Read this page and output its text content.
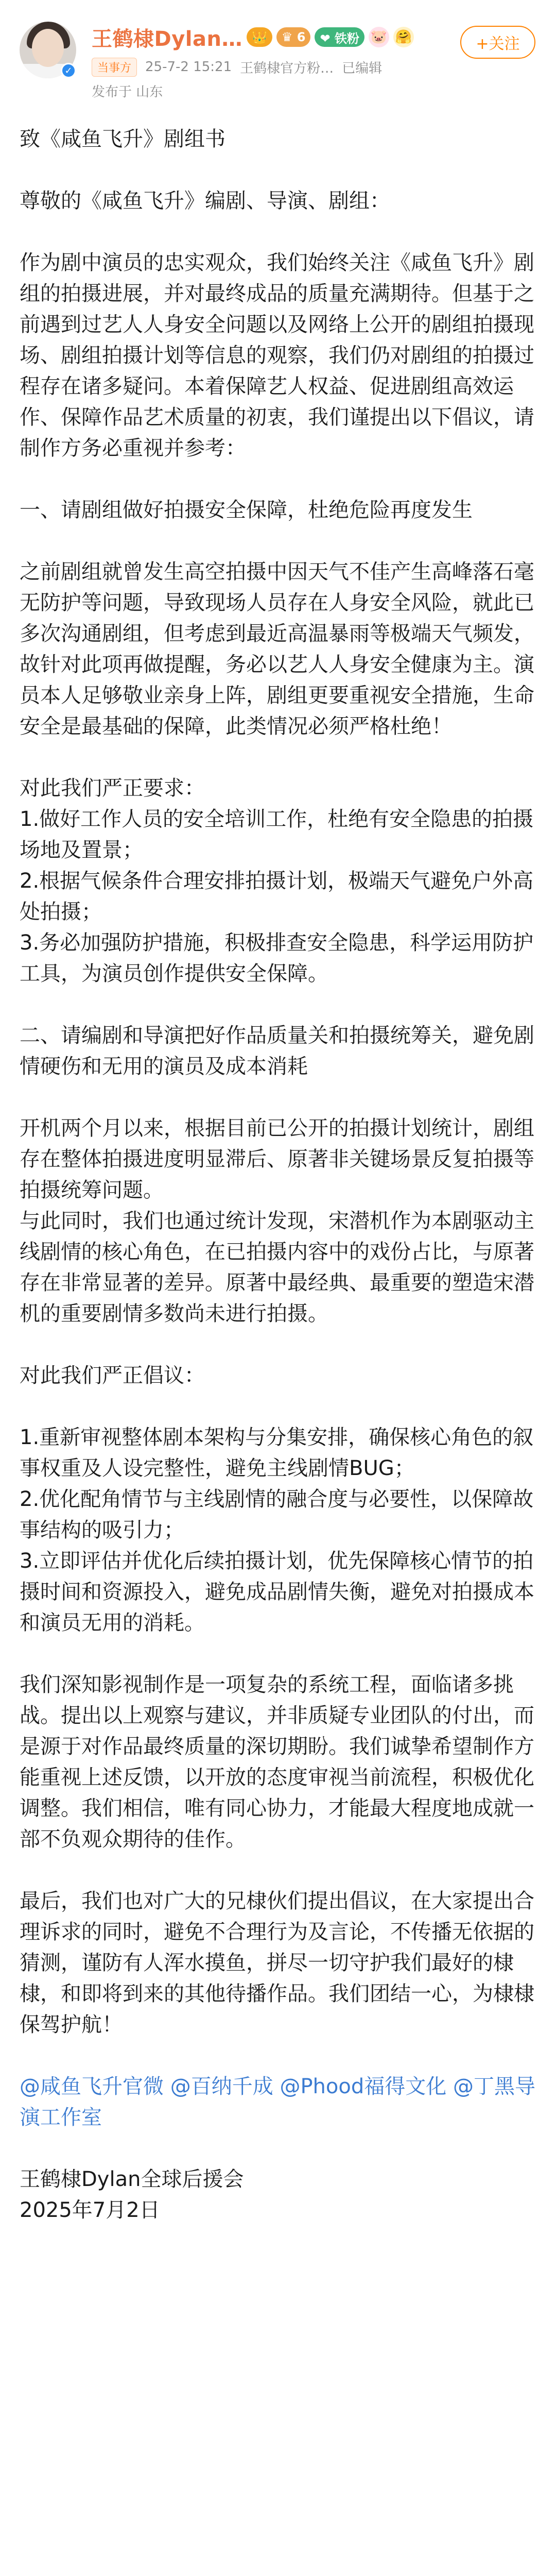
✓
王鹤棣Dylan… 👑	♛ 6	❤ 铁粉 🐷 🤗	+关注
当事方	25-7-2 15:21 王鹤棣官方粉… 已编辑
发布于 山东

致《咸鱼飞升》剧组书

尊敬的《咸鱼飞升》编剧、导演、剧组：

作为剧中演员的忠实观众，我们始终关注《咸鱼飞升》剧组的拍摄进展，并对最终成品的质量充满期待。但基于之前遇到过艺人人身安全问题以及网络上公开的剧组拍摄现场、剧组拍摄计划等信息的观察，我们仍对剧组的拍摄过程存在诸多疑问。本着保障艺人权益、促进剧组高效运作、保障作品艺术质量的初衷，我们谨提出以下倡议，请制作方务必重视并参考：

一、请剧组做好拍摄安全保障，杜绝危险再度发生

之前剧组就曾发生高空拍摄中因天气不佳产生高峰落石毫无防护等问题，导致现场人员存在人身安全风险，就此已多次沟通剧组，但考虑到最近高温暴雨等极端天气频发，故针对此项再做提醒，务必以艺人人身安全健康为主。演员本人足够敬业亲身上阵，剧组更要重视安全措施，生命安全是最基础的保障，此类情况必须严格杜绝！

对此我们严正要求：

1.做好工作人员的安全培训工作，杜绝有安全隐患的拍摄场地及置景；

2.根据气候条件合理安排拍摄计划，极端天气避免户外高处拍摄；

3.务必加强防护措施，积极排查安全隐患，科学运用防护工具，为演员创作提供安全保障。

二、请编剧和导演把好作品质量关和拍摄统筹关，避免剧情硬伤和无用的演员及成本消耗

开机两个月以来，根据目前已公开的拍摄计划统计，剧组存在整体拍摄进度明显滞后、原著非关键场景反复拍摄等拍摄统筹问题。

与此同时，我们也通过统计发现，宋潜机作为本剧驱动主线剧情的核心角色，在已拍摄内容中的戏份占比，与原著存在非常显著的差异。原著中最经典、最重要的塑造宋潜机的重要剧情多数尚未进行拍摄。

对此我们严正倡议：

1.重新审视整体剧本架构与分集安排，确保核心角色的叙事权重及人设完整性，避免主线剧情BUG；

2.优化配角情节与主线剧情的融合度与必要性，以保障故事结构的吸引力；

3.立即评估并优化后续拍摄计划，优先保障核心情节的拍摄时间和资源投入，避免成品剧情失衡，避免对拍摄成本和演员无用的消耗。

我们深知影视制作是一项复杂的系统工程，面临诸多挑战。提出以上观察与建议，并非质疑专业团队的付出，而是源于对作品最终质量的深切期盼。我们诚挚希望制作方能重视上述反馈，以开放的态度审视当前流程，积极优化调整。我们相信，唯有同心协力，才能最大程度地成就一部不负观众期待的佳作。

最后，我们也对广大的兄棣伙们提出倡议，在大家提出合理诉求的同时，避免不合理行为及言论，不传播无依据的猜测，谨防有人浑水摸鱼，拼尽一切守护我们最好的棣棣，和即将到来的其他待播作品。我们团结一心，为棣棣保驾护航！

@咸鱼飞升官微 @百纳千成 @Phood福得文化 @丁黑导演工作室

王鹤棣Dylan全球后援会

2025年7月2日
